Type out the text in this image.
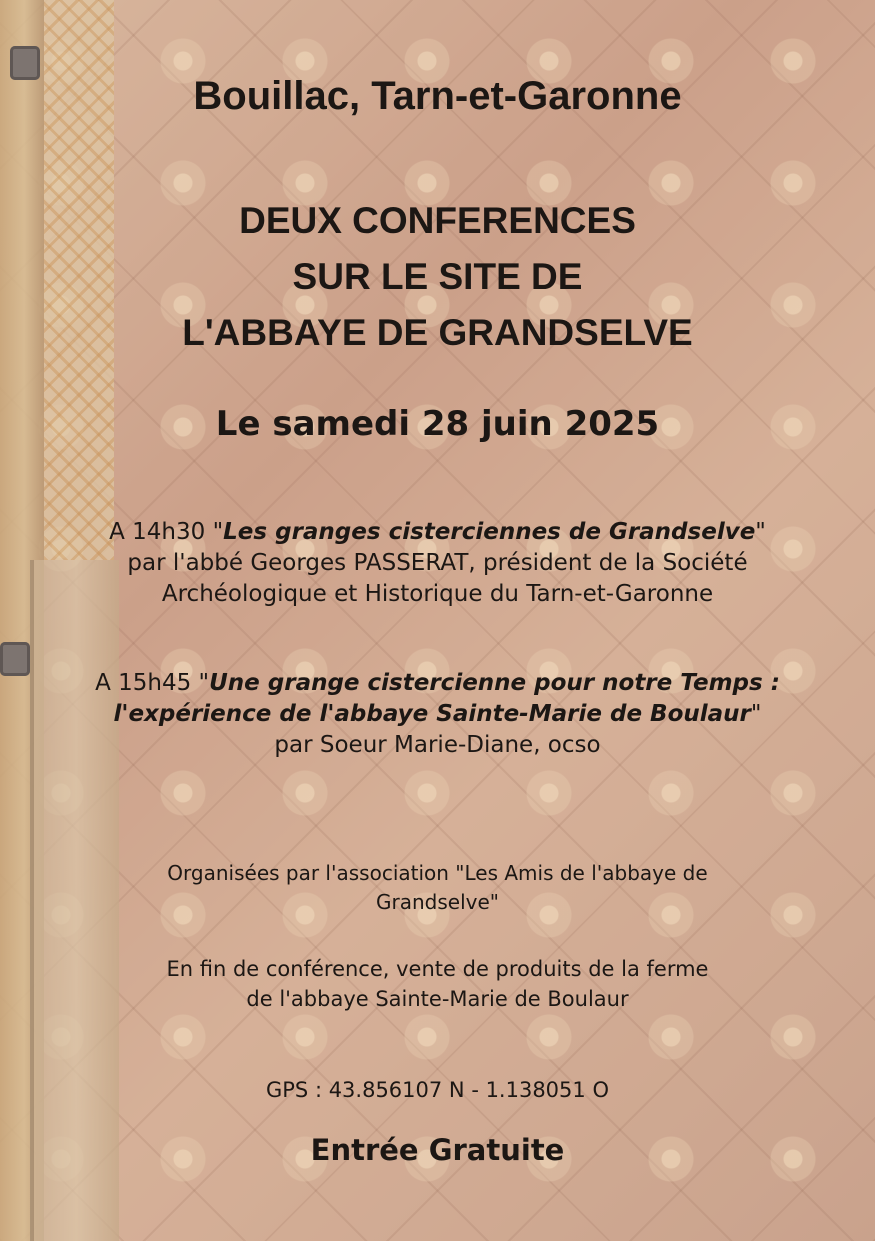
Bouillac, Tarn-et-Garonne

DEUX CONFERENCES

SUR LE SITE DE

L'ABBAYE DE GRANDSELVE

Le samedi 28 juin 2025

A 14h30 "Les granges cisterciennes de Grandselve"
par l'abbé Georges PASSERAT, président de la Société
Archéologique et Historique du Tarn-et-Garonne
A 15h45 "Une grange cistercienne pour notre Temps :
l'expérience de l'abbaye Sainte-Marie de Boulaur"
par Soeur Marie-Diane, ocso
Organisées par l'association "Les Amis de l'abbaye de
Grandselve"
En fin de conférence, vente de produits de la ferme
de l'abbaye Sainte-Marie de Boulaur

GPS : 43.856107 N - 1.138051 O

Entrée Gratuite
